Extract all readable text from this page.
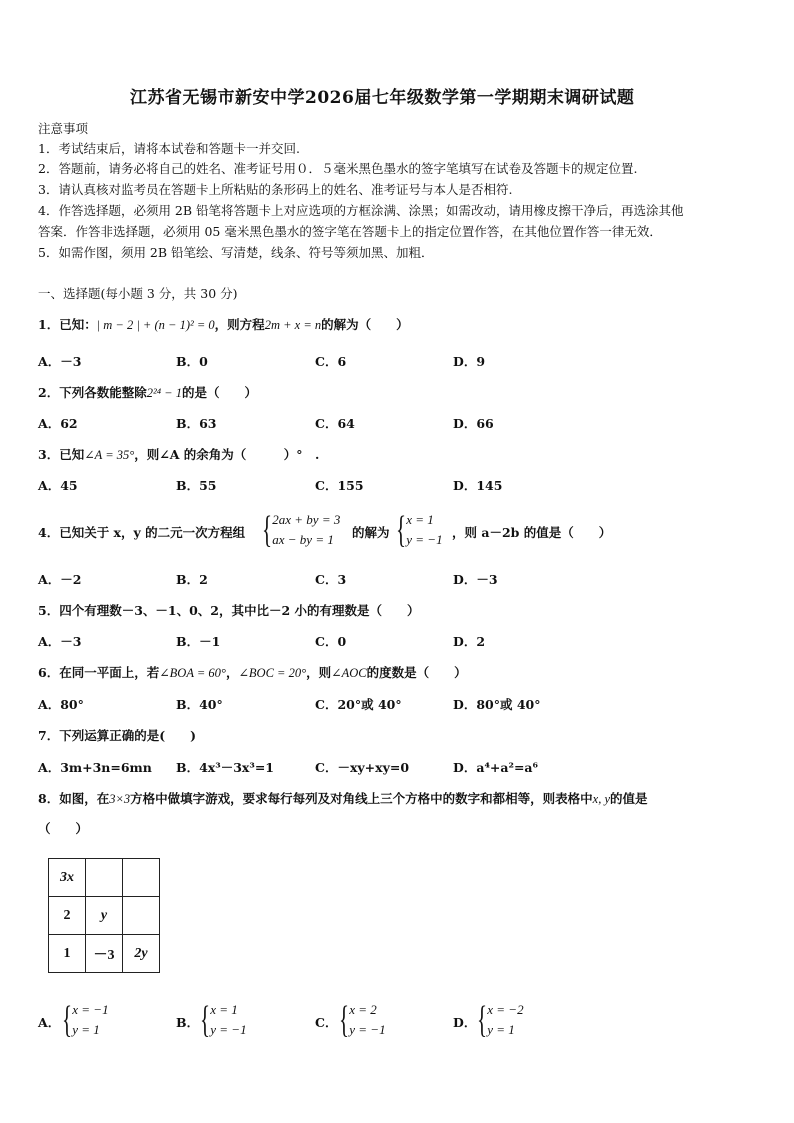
江苏省无锡市新安中学2026届七年级数学第一学期期末调研试题
注意事项
1．考试结束后，请将本试卷和答题卡一并交回.
2．答题前，请务必将自己的姓名、准考证号用０．５毫米黑色墨水的签字笔填写在试卷及答题卡的规定位置.
3．请认真核对监考员在答题卡上所粘贴的条形码上的姓名、准考证号与本人是否相符.
4．作答选择题，必须用 2B 铅笔将答题卡上对应选项的方框涂满、涂黑；如需改动，请用橡皮擦干净后，再选涂其他
答案．作答非选择题，必须用 05 毫米黑色墨水的签字笔在答题卡上的指定位置作答，在其他位置作答一律无效．
5．如需作图，须用 2B 铅笔绘、写清楚，线条、符号等须加黑、加粗．
一、选择题(每小题 3 分，共 30 分)
1．已知：| m − 2 | + (n − 1)² = 0，则方程2m + x = n的解为（　　）
A．－3	B．0	C．6	D．9
2．下列各数能整除2²⁴ − 1的是（　　）
A．62	B．63	C．64	D．66
3．已知∠A = 35°，则∠A 的余角为（　　　）°　.
A．45	B．55	C．155	D．145
4．已知关于 x，y 的二元一次方程组 { 2ax + by = 3
ax − by = 1	的解为 { x = 1
y = −1 ，则 a－2b 的值是（　　）
A．－2	B．2	C．3	D．－3
5．四个有理数－3、－1、0、2，其中比－2 小的有理数是（　　）
A．－3	B．－1	C．0	D．2
6．在同一平面上，若∠BOA = 60°，∠BOC = 20°，则∠AOC的度数是（　　）
A．80°	B．40°	C．20°或 40°	D．80°或 40°
7．下列运算正确的是(　　)
A．3m+3n=6mn B．4x³－3x³=1	C．－xy+xy=0	D．a⁴+a²=a⁶
8．如图，在3×3方格中做填字游戏，要求每行每列及对角线上三个方格中的数字和都相等，则表格中x, y的值是
（　　）
3x		
2	y	
1	－3	2y
A． { x = −1
y = 1	B． { x = 1
y = −1	C． { x = 2
y = −1	D． { x = −2
y = 1
